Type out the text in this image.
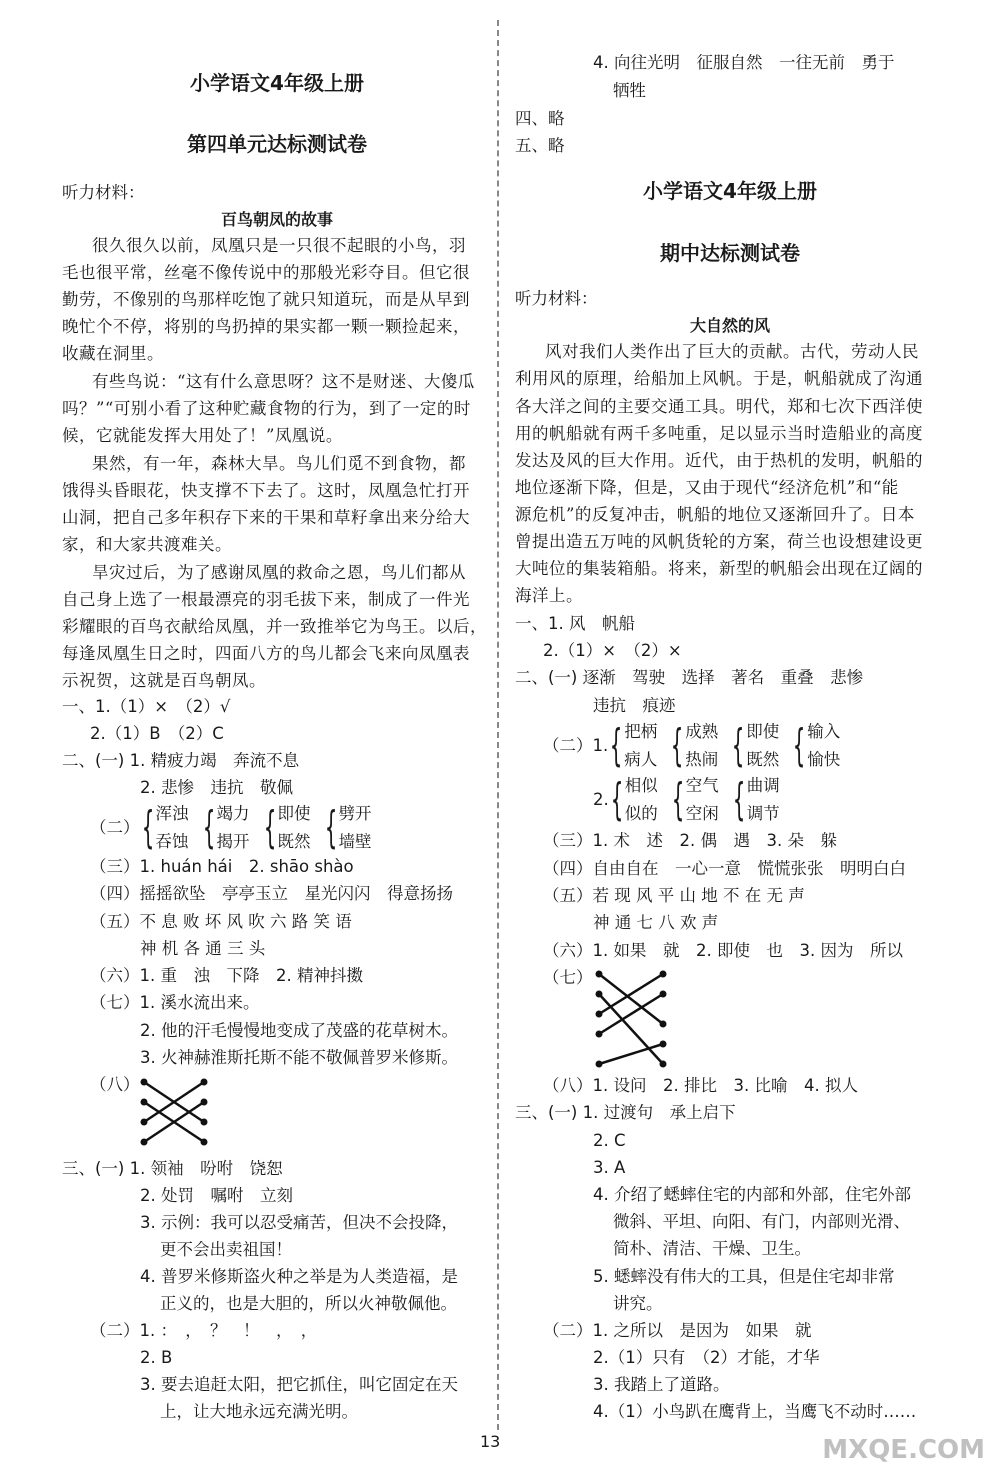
小学语文4年级上册
第四单元达标测试卷
听力材料：
百鸟朝凤的故事
很久很久以前，凤凰只是一只很不起眼的小鸟，羽
毛也很平常，丝毫不像传说中的那般光彩夺目。但它很
勤劳，不像别的鸟那样吃饱了就只知道玩，而是从早到
晚忙个不停，将别的鸟扔掉的果实都一颗一颗捡起来，
收藏在洞里。
有些鸟说：“这有什么意思呀？这不是财迷、大傻瓜
吗？”“可别小看了这种贮藏食物的行为，到了一定的时
候，它就能发挥大用处了！”凤凰说。
果然，有一年，森林大旱。鸟儿们觅不到食物，都
饿得头昏眼花，快支撑不下去了。这时，凤凰急忙打开
山洞，把自己多年积存下来的干果和草籽拿出来分给大
家，和大家共渡难关。
旱灾过后，为了感谢凤凰的救命之恩，鸟儿们都从
自己身上选了一根最漂亮的羽毛拔下来，制成了一件光
彩耀眼的百鸟衣献给凤凰，并一致推举它为鸟王。以后，
每逢凤凰生日之时，四面八方的鸟儿都会飞来向凤凰表
示祝贺，这就是百鸟朝凤。
一、1.（1）×　（2）√
2.（1）B　（2）C
二、(一) 1. 精疲力竭　奔流不息
2. 悲惨　违抗　敬佩
（二） { 浑浊
吞蚀 { 竭力
揭开 { 即使
既然 { 劈开
墙壁
（三）1. huán hái　2. shāo shào
（四）摇摇欲坠　亭亭玉立　星光闪闪　得意扬扬
（五）不 息 败 坏 风 吹 六 路 笑 语
神 机 各 通 三 头
（六）1. 重　浊　下降　2. 精神抖擞
（七）1. 溪水流出来。
2. 他的汗毛慢慢地变成了茂盛的花草树木。
3. 火神赫淮斯托斯不能不敬佩普罗米修斯。
（八）
三、(一) 1. 领袖　吩咐　饶恕
2. 处罚　嘱咐　立刻
3. 示例：我可以忍受痛苦，但决不会投降，
更不会出卖祖国！
4. 普罗米修斯盗火种之举是为人类造福，是
正义的，也是大胆的，所以火神敬佩他。
（二）1. ：　，　？　！　，　，
2. B
3. 要去追赶太阳，把它抓住，叫它固定在天
上，让大地永远充满光明。
4. 向往光明　征服自然　一往无前　勇于
牺牲
四、略
五、略
小学语文4年级上册
期中达标测试卷
听力材料：
大自然的风
风对我们人类作出了巨大的贡献。古代，劳动人民
利用风的原理，给船加上风帆。于是，帆船就成了沟通
各大洋之间的主要交通工具。明代，郑和七次下西洋使
用的帆船就有两千多吨重，足以显示当时造船业的高度
发达及风的巨大作用。近代，由于热机的发明，帆船的
地位逐渐下降，但是，又由于现代“经济危机”和“能
源危机”的反复冲击，帆船的地位又逐渐回升了。日本
曾提出造五万吨的风帆货轮的方案，荷兰也设想建设更
大吨位的集装箱船。将来，新型的帆船会出现在辽阔的
海洋上。
一、1. 风　帆船
2.（1）×　（2）×
二、(一) 逐渐　驾驶　选择　著名　重叠　悲惨
违抗　痕迹
（二）1. { 把柄
病人 { 成熟
热闹 { 即使
既然 { 输入
愉快
2. { 相似
似的 { 空气
空闲 { 曲调
调节
（三）1. 术　述　2. 偶　遇　3. 朵　躲
（四）自由自在　一心一意　慌慌张张　明明白白
（五）若 现 风 平 山 地 不 在 无 声
神 通 七 八 欢 声
（六）1. 如果　就　2. 即使　也　3. 因为　所以
（七）
（八）1. 设问　2. 排比　3. 比喻　4. 拟人
三、(一) 1. 过渡句　承上启下
2. C
3. A
4. 介绍了蟋蟀住宅的内部和外部，住宅外部
微斜、平坦、向阳、有门，内部则光滑、
简朴、清洁、干燥、卫生。
5. 蟋蟀没有伟大的工具，但是住宅却非常
讲究。
（二）1. 之所以　是因为　如果　就
2.（1）只有　（2）才能，才华
3. 我踏上了道路。
4.（1）小鸟趴在鹰背上，当鹰飞不动时……
13	MXQE.COM
